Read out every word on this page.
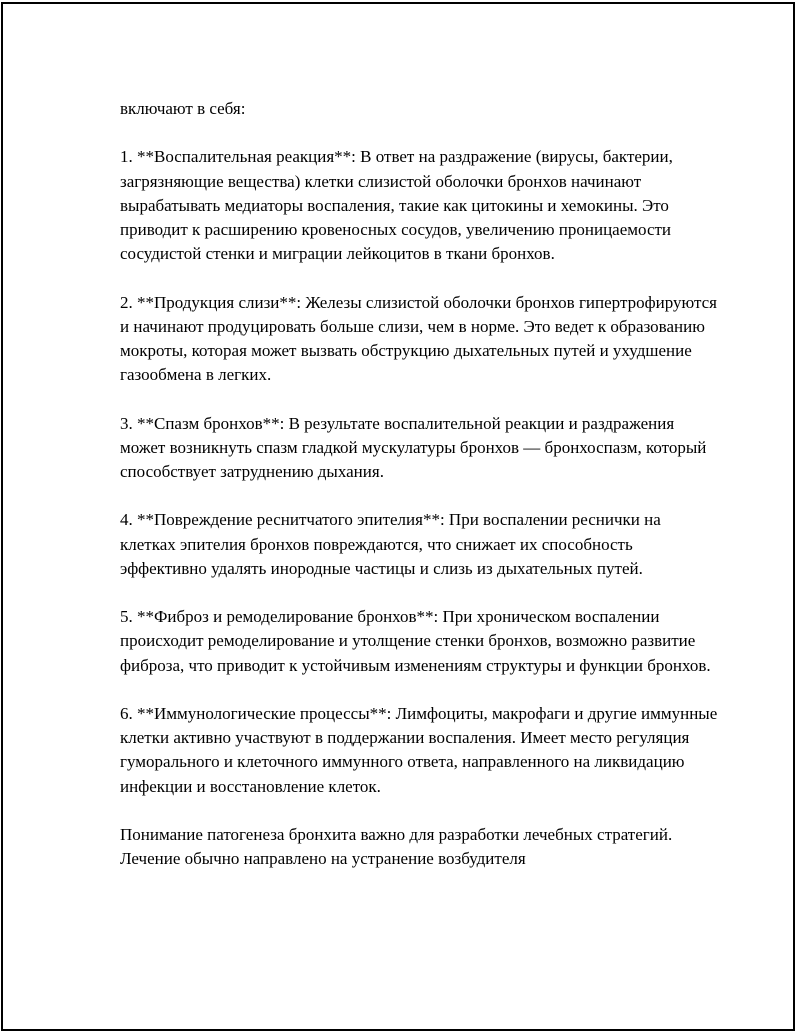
включают в себя:

1. **Воспалительная реакция**: В ответ на раздражение (вирусы, бактерии, загрязняющие вещества) клетки слизистой оболочки бронхов начинают вырабатывать медиаторы воспаления, такие как цитокины и хемокины. Это приводит к расширению кровеносных сосудов, увеличению проницаемости сосудистой стенки и миграции лейкоцитов в ткани бронхов.

2. **Продукция слизи**: Железы слизистой оболочки бронхов гипертрофируются и начинают продуцировать больше слизи, чем в норме. Это ведет к образованию мокроты, которая может вызвать обструкцию дыхательных путей и ухудшение газообмена в легких.

3. **Спазм бронхов**: В результате воспалительной реакции и раздражения может возникнуть спазм гладкой мускулатуры бронхов — бронхоспазм, который способствует затруднению дыхания.

4. **Повреждение реснитчатого эпителия**: При воспалении реснички на клетках эпителия бронхов повреждаются, что снижает их способность эффективно удалять инородные частицы и слизь из дыхательных путей.

5. **Фиброз и ремоделирование бронхов**: При хроническом воспалении происходит ремоделирование и утолщение стенки бронхов, возможно развитие фиброза, что приводит к устойчивым изменениям структуры и функции бронхов.

6. **Иммунологические процессы**: Лимфоциты, макрофаги и другие иммунные клетки активно участвуют в поддержании воспаления. Имеет место регуляция гуморального и клеточного иммунного ответа, направленного на ликвидацию инфекции и восстановление клеток.

Понимание патогенеза бронхита важно для разработки лечебных стратегий. Лечение обычно направлено на устранение возбудителя
